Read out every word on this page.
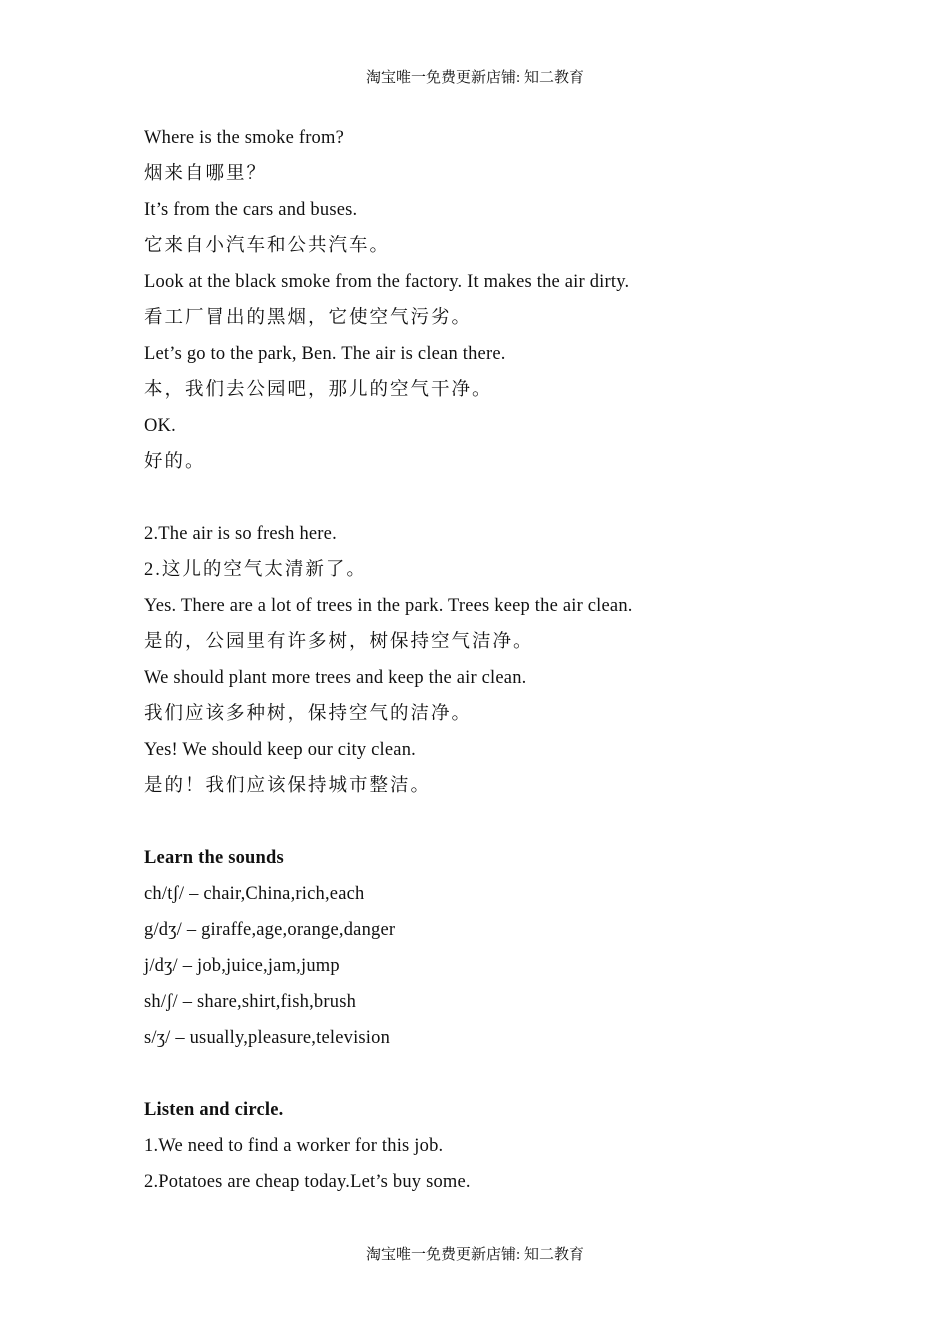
淘宝唯一免费更新店铺: 知二教育
Where is the smoke from?
烟来自哪里？
It’s from the cars and buses.
它来自小汽车和公共汽车。
Look at the black smoke from the factory. It makes the air dirty.
看工厂冒出的黑烟，它使空气污劣。
Let’s go to the park, Ben. The air is clean there.
本，我们去公园吧，那儿的空气干净。
OK.
好的。
2.The air is so fresh here.
2.这儿的空气太清新了。
Yes. There are a lot of trees in the park. Trees keep the air clean.
是的，公园里有许多树，树保持空气洁净。
We should plant more trees and keep the air clean.
我们应该多种树，保持空气的洁净。
Yes! We should keep our city clean.
是的！我们应该保持城市整洁。
Learn the sounds
ch/tʃ/ – chair,China,rich,each
g/dʒ/ – giraffe,age,orange,danger
j/dʒ/ – job,juice,jam,jump
sh/ʃ/ – share,shirt,fish,brush
s/ʒ/ – usually,pleasure,television
Listen and circle.
1.We need to find a worker for this job.
2.Potatoes are cheap today.Let’s buy some.
淘宝唯一免费更新店铺: 知二教育
